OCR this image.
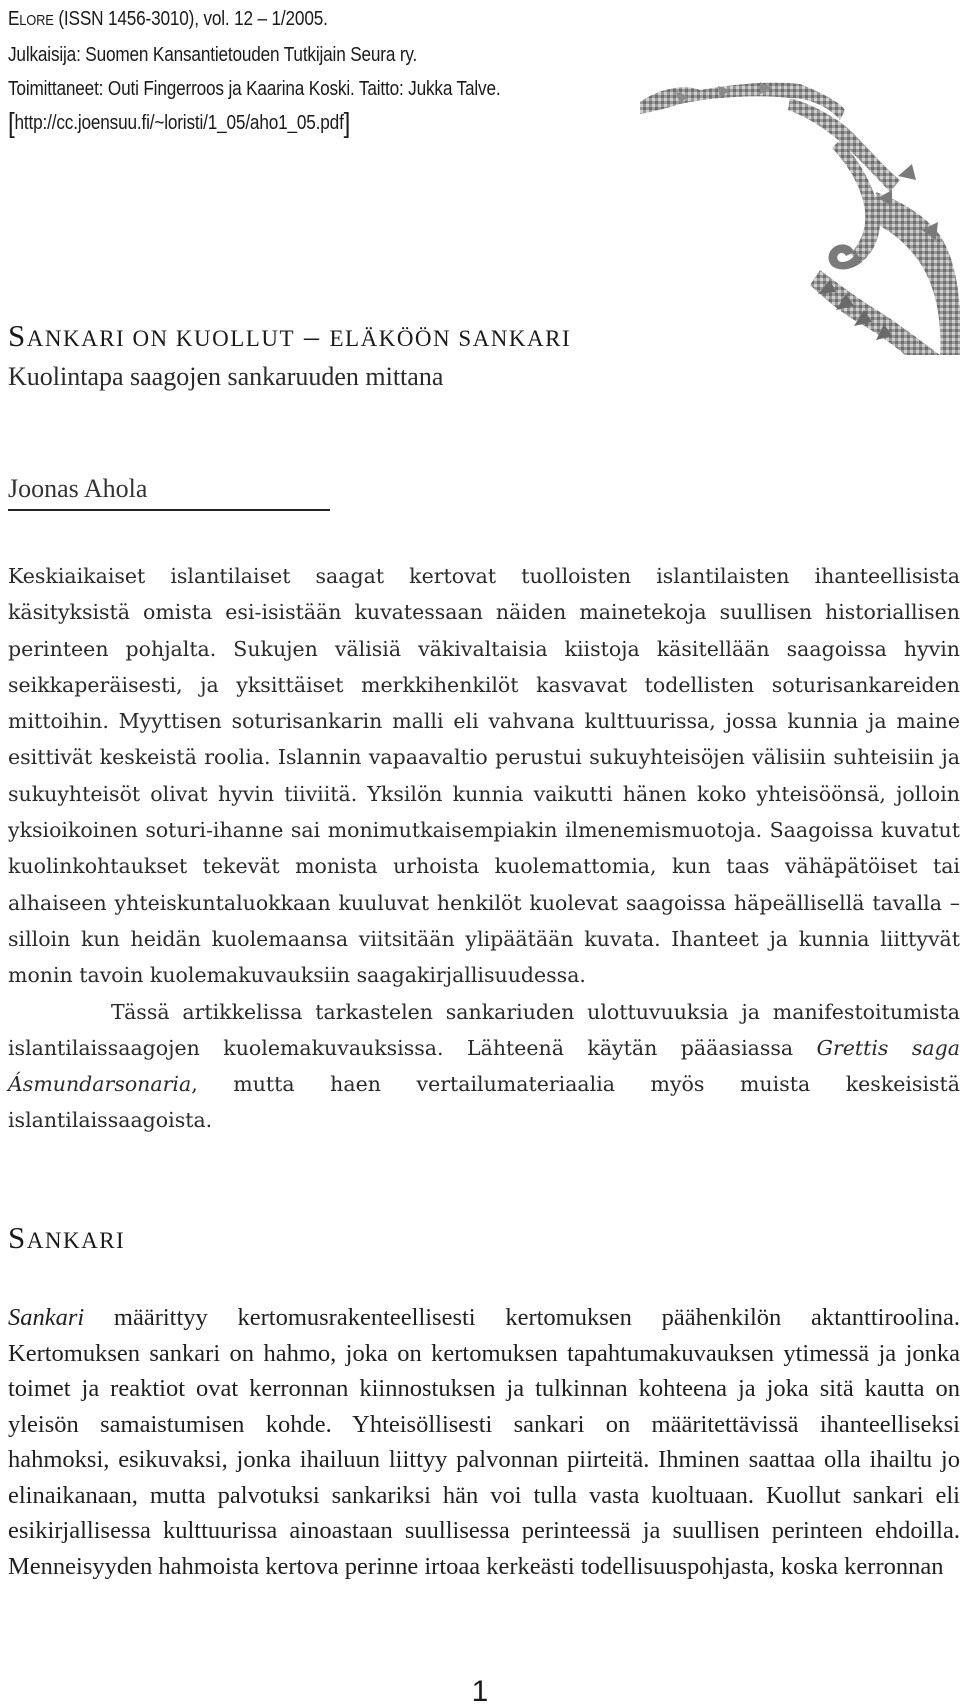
ELORE (ISSN 1456-3010), vol. 12 – 1/2005.
Julkaisija: Suomen Kansantietouden Tutkijain Seura ry.
Toimittaneet: Outi Fingerroos ja Kaarina Koski. Taitto: Jukka Talve.
[http://cc.joensuu.fi/~loristi/1_05/aho1_05.pdf]
SANKARI ON KUOLLUT – ELÄKÖÖN SANKARI
Kuolintapa saagojen sankaruuden mittana
Joonas Ahola

Keskiaikaiset islantilaiset saagat kertovat tuolloisten islantilaisten ihanteellisista käsityksistä omista esi-isistään kuvatessaan näiden mainetekoja suullisen historiallisen perinteen pohjalta. Sukujen välisiä väkivaltaisia kiistoja käsitellään saagoissa hyvin seikkaperäisesti, ja yksittäiset merkkihenkilöt kasvavat todellisten soturisankareiden mittoihin. Myyttisen soturisankarin malli eli vahvana kulttuurissa, jossa kunnia ja maine esittivät keskeistä roolia. Islannin vapaavaltio perustui sukuyhteisöjen välisiin suhteisiin ja sukuyhteisöt olivat hyvin tiiviitä. Yksilön kunnia vaikutti hänen koko yhteisöönsä, jolloin yksioikoinen soturi-ihanne sai monimutkaisempiakin ilmenemismuotoja. Saagoissa kuvatut kuolinkohtaukset tekevät monista urhoista kuolemattomia, kun taas vähäpätöiset tai alhaiseen yhteiskuntaluokkaan kuuluvat henkilöt kuolevat saagoissa häpeällisellä tavalla – silloin kun heidän kuolemaansa viitsitään ylipäätään kuvata. Ihanteet ja kunnia liittyvät monin tavoin kuolemakuvauksiin saagakirjallisuudessa.

Tässä artikkelissa tarkastelen sankariuden ulottuvuuksia ja manifestoitumista islantilaissaagojen kuolemakuvauksissa. Lähteenä käytän pääasiassa Grettis saga Ásmundarsonaria, mutta haen vertailumateriaalia myös muista keskeisistä islantilaissaagoista.

SANKARI

Sankari määrittyy kertomusrakenteellisesti kertomuksen päähenkilön aktanttiroolina. Kertomuksen sankari on hahmo, joka on kertomuksen tapahtumakuvauksen ytimessä ja jonka toimet ja reaktiot ovat kerronnan kiinnostuksen ja tulkinnan kohteena ja joka sitä kautta on yleisön samaistumisen kohde. Yhteisöllisesti sankari on määritettävissä ihanteelliseksi hahmoksi, esikuvaksi, jonka ihailuun liittyy palvonnan piirteitä. Ihminen saattaa olla ihailtu jo elinaikanaan, mutta palvotuksi sankariksi hän voi tulla vasta kuoltuaan. Kuollut sankari eli esikirjallisessa kulttuurissa ainoastaan suullisessa perinteessä ja suullisen perinteen ehdoilla. Menneisyyden hahmoista kertova perinne irtoaa kerkeästi todellisuuspohjasta, koska kerronnan

1
